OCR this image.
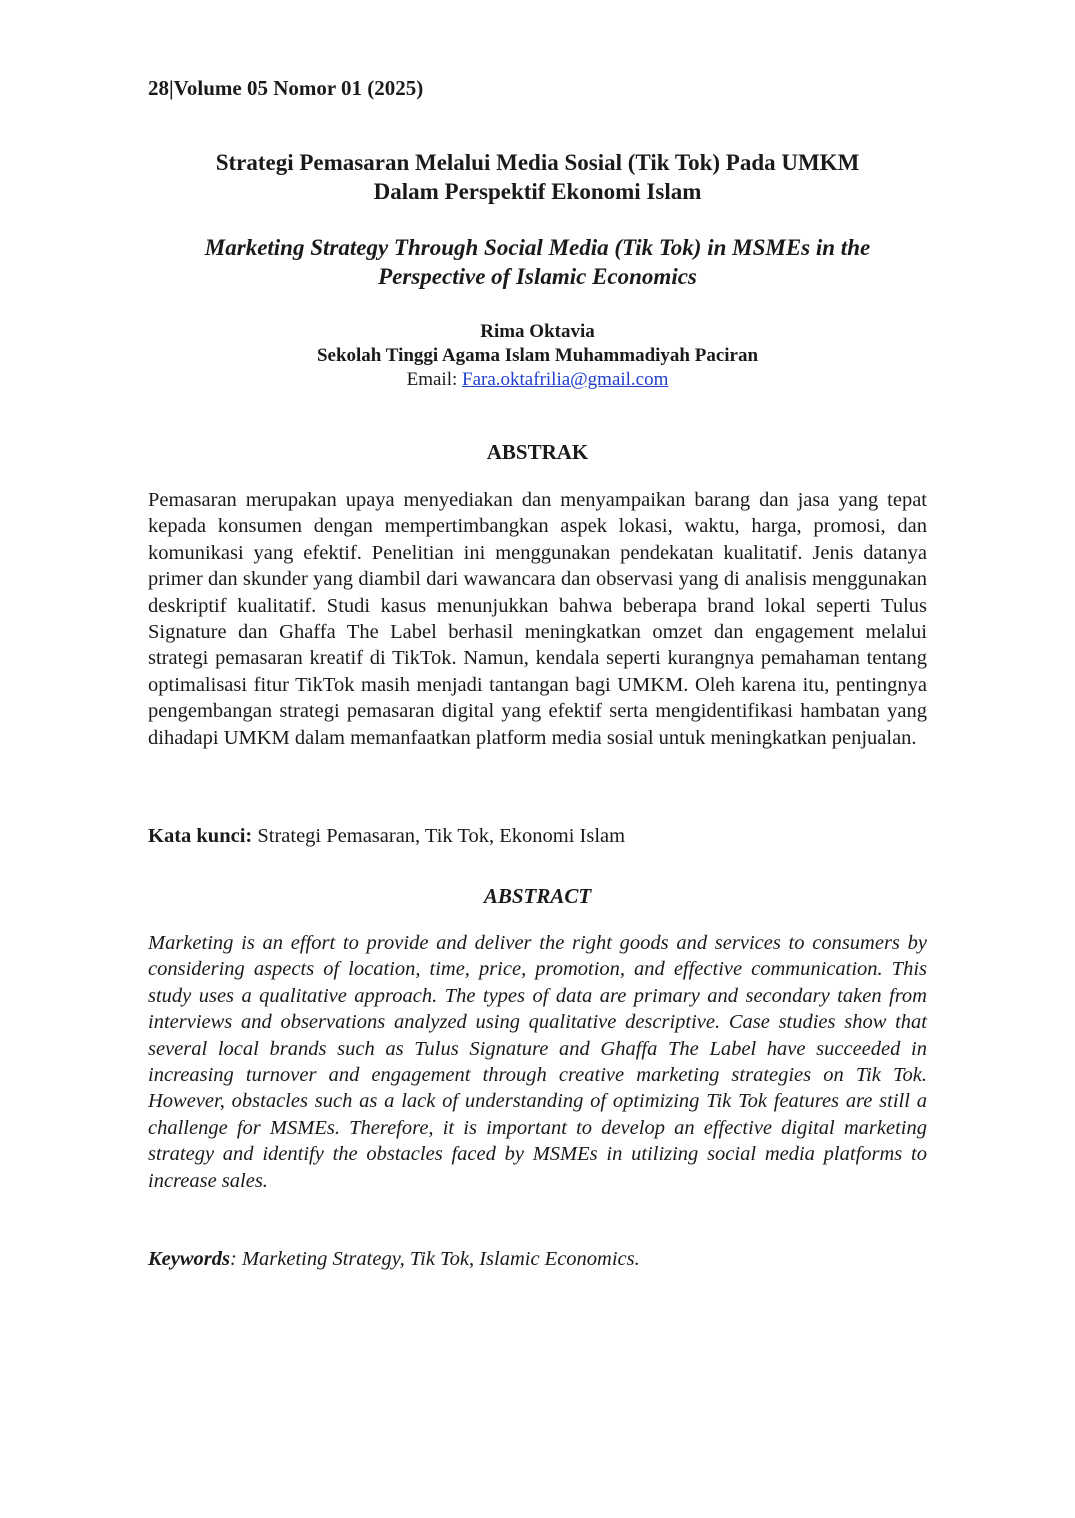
28|Volume 05 Nomor 01 (2025)
Strategi Pemasaran Melalui Media Sosial (Tik Tok) Pada UMKM
Dalam Perspektif Ekonomi Islam
Marketing Strategy Through Social Media (Tik Tok) in MSMEs in the
Perspective of Islamic Economics
Rima Oktavia
Sekolah Tinggi Agama Islam Muhammadiyah Paciran
Email: Fara.oktafrilia@gmail.com
ABSTRAK
Pemasaran merupakan upaya menyediakan dan menyampaikan barang dan jasa yang tepat kepada konsumen dengan mempertimbangkan aspek lokasi, waktu, harga, promosi, dan komunikasi yang efektif. Penelitian ini menggunakan pendekatan kualitatif. Jenis datanya primer dan skunder yang diambil dari wawancara dan observasi yang di analisis menggunakan deskriptif kualitatif. Studi kasus menunjukkan bahwa beberapa brand lokal seperti Tulus Signature dan Ghaffa The Label berhasil meningkatkan omzet dan engagement melalui strategi pemasaran kreatif di TikTok. Namun, kendala seperti kurangnya pemahaman tentang optimalisasi fitur TikTok masih menjadi tantangan bagi UMKM. Oleh karena itu, pentingnya pengembangan strategi pemasaran digital yang efektif serta mengidentifikasi hambatan yang dihadapi UMKM dalam memanfaatkan platform media sosial untuk meningkatkan penjualan.
Kata kunci: Strategi Pemasaran, Tik Tok, Ekonomi Islam
ABSTRACT
Marketing is an effort to provide and deliver the right goods and services to consumers by considering aspects of location, time, price, promotion, and effective communication. This study uses a qualitative approach. The types of data are primary and secondary taken from interviews and observations analyzed using qualitative descriptive. Case studies show that several local brands such as Tulus Signature and Ghaffa The Label have succeeded in increasing turnover and engagement through creative marketing strategies on Tik Tok. However, obstacles such as a lack of understanding of optimizing Tik Tok features are still a challenge for MSMEs. Therefore, it is important to develop an effective digital marketing strategy and identify the obstacles faced by MSMEs in utilizing social media platforms to increase sales.
Keywords: Marketing Strategy, Tik Tok, Islamic Economics.
